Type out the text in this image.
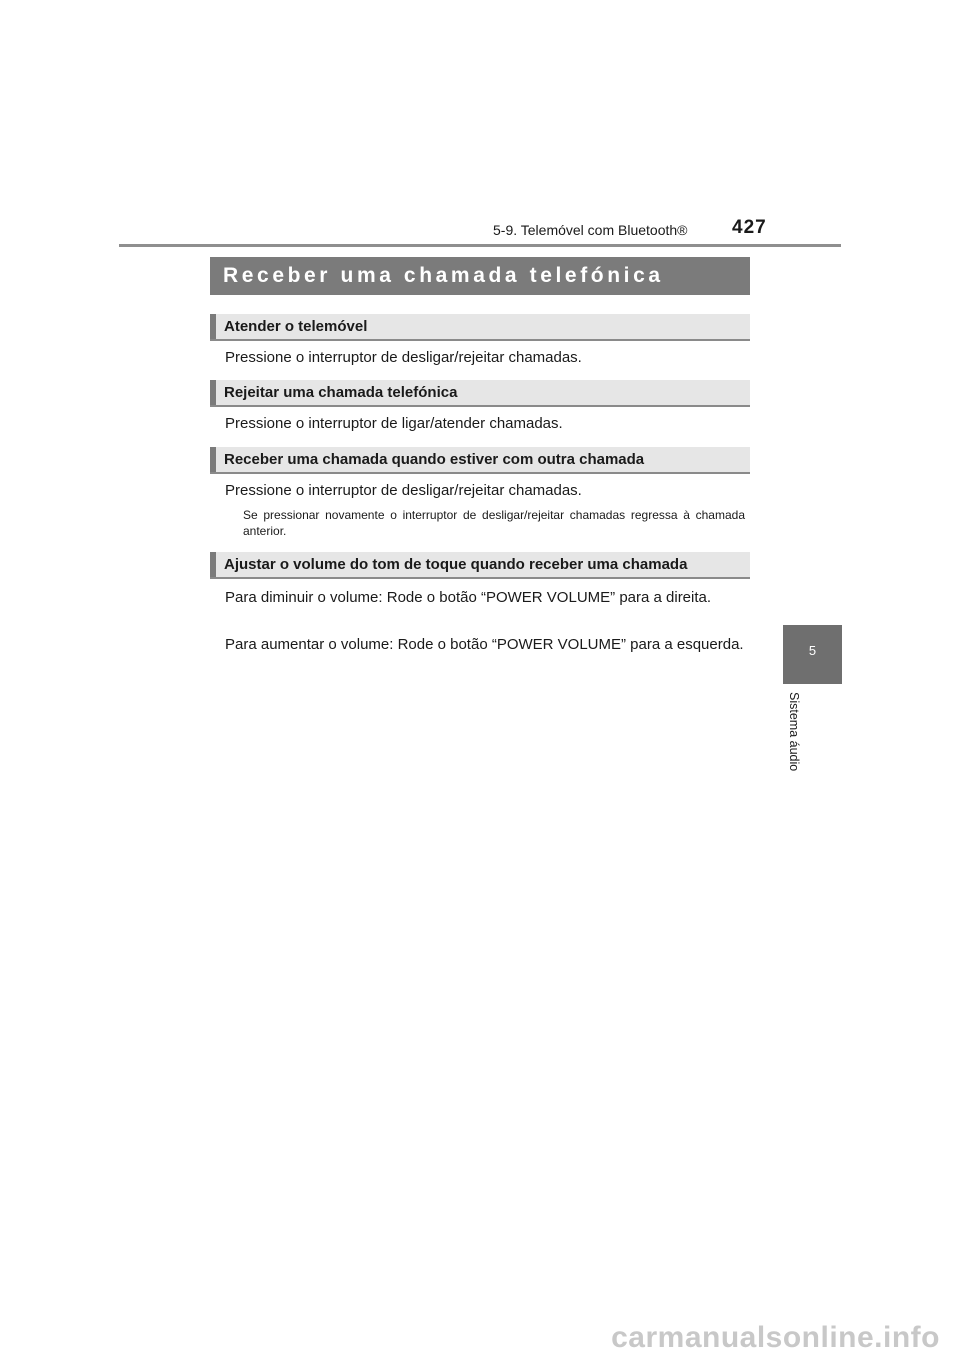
5-9. Telemóvel com Bluetooth® 427
5
Sistema áudio
Receber uma chamada telefónica
Atender o telemóvel
Pressione o interruptor de desligar/rejeitar chamadas.
Rejeitar uma chamada telefónica
Pressione o interruptor de ligar/atender chamadas.
Receber uma chamada quando estiver com outra chamada
Pressione o interruptor de desligar/rejeitar chamadas.
Se pressionar novamente o interruptor de desligar/rejeitar chamadas regressa à chamada anterior.
Ajustar o volume do tom de toque quando receber uma chamada
Para diminuir o volume: Rode o botão “POWER VOLUME” para a direita.
Para aumentar o volume: Rode o botão “POWER VOLUME” para a esquerda.
carmanualsonline.info
